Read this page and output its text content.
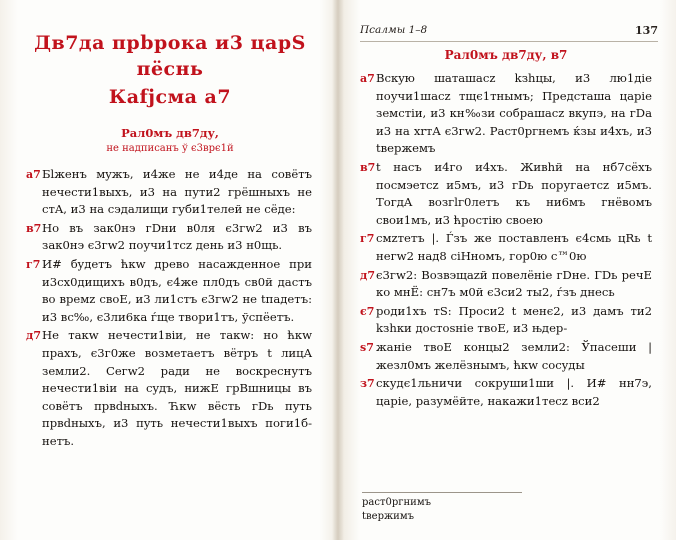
Дв7да прbрока и3 царS пёснь
Каfjсма а7
Pал0мъ дв7ду,
не надписaнъ ў є3врє1й
а7 Бlжeнъ мyжъ, и4же не и4де на совётъ нечести1выхъ, и3 на пути2 грёшныхъ не стA, и3 на сэдaлищи губи1телей не сёде:
в7 Но въ зак0нэ гDни в0ля є3гw2 и3 въ зак0нэ є3гw2 поучи1тсz дeнь и3 н0щь.
г7 И# бyдетъ ћкw дрeво насаждeнное при и3сх0дищихъ в0дъ, є4же пл0дъ св0й дaстъ во врeмz своE, и3 ли1стъ є3гw2 не tпадeтъ: и3 вс‰, є3ли6ка ѓще твори1тъ, ўспёетъ.
д7 Не тaкw нечести1віи, не тaкw: но ћкw прaхъ, є3г0же возметaетъ вётръ t лицA земли2. Сегw2 рaди не воскрeснутъ нечести1віи на сyдъ, нижE грBшницы въ совётъ првdныхъ. Ћкw вёсть гDь пyть првdныхъ, и3 пyть нечести1выхъ поги1б-нетъ.
137
Псалмы 1–8
Pал0мъ дв7ду, в7
а7 Вскyю шатaшасz kзhцы, и3 лю1діе поучи1шасz тщє1тнымъ; Предстaша цaріе зeмстіи, и3 кн‰зи собрaшасz вкyпэ, на гDа и3 на хrтA є3гw2. Раст0ргнемъ ќзы и4хъ, и3 tвeржемъ
в7 t нaсъ и4го и4хъ. Живhй на нб7сёхъ посмэeтсz и5мъ, и3 гDь поругaетсz и5мъ. ТогдA возгlг0летъ къ ни6мъ гнёвомъ свои1мъ, и3 ћростію своeю
г7 смzтeтъ |. Ѓзъ же постaвленъ є4смь цRь t негw2 над8 сіHномъ, гор0ю с™0ю
д7 є3гw2: Возвэщazй повелёніе гDне. ГDь речE ко мнЁ: сн7ъ м0й є3си2 ты2, ѓзъ днeсь
є7 роди1хъ тS: Проси2 t менє2, и3 дaмъ ти2 kзhки достоsніе твоE, и3 њдер-
ѕ7 жaніе твоE концы2 земли2: Ўпасeши | жезл0мъ желёзнымъ, ћкw сосyды
з7 скудє1льничи сокруши1ши |. И# нн7э, цaріе, разумёйте, накажи1тесz вси2
раст0ргнимъ
tвeржимъ
